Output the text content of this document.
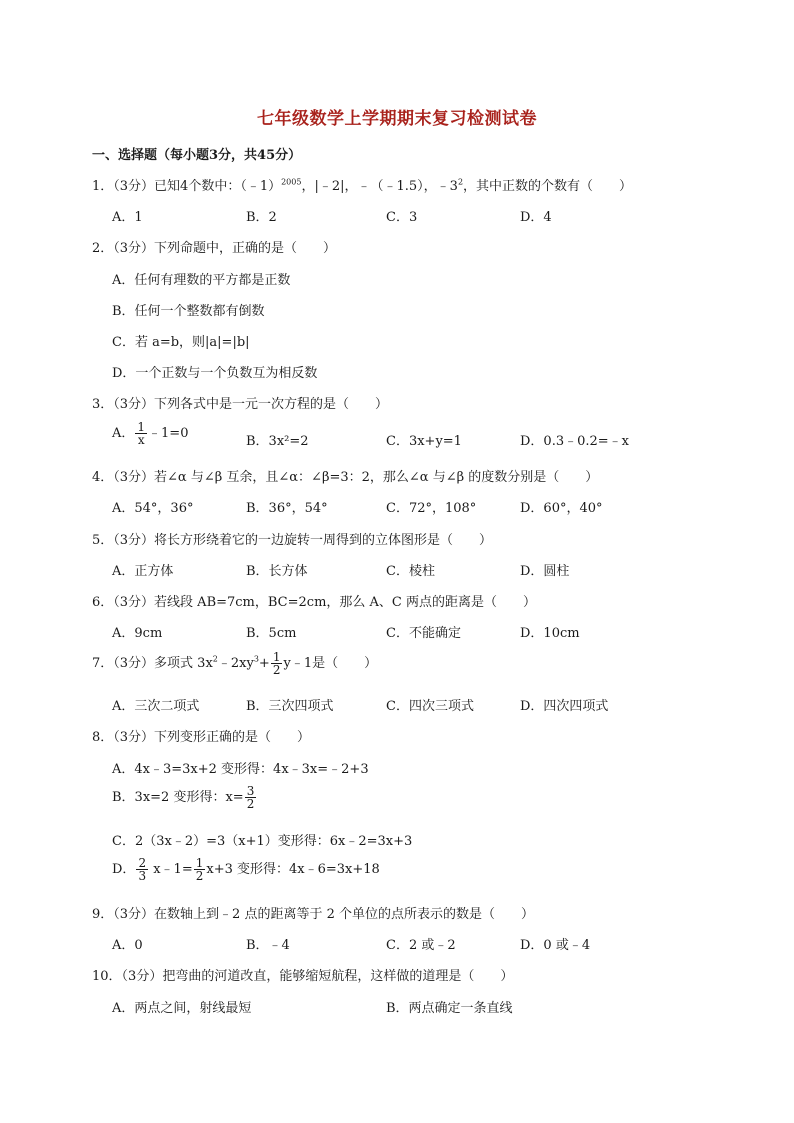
七年级数学上学期期末复习检测试卷
一、选择题（每小题3分，共45分）
1．（3分）已知4个数中：（﹣1）$^{2005}$，|﹣2|，﹣（﹣1.5），$﹣3^2$，其中正数的个数有（　　）
A．1	B．2	C．3	D．4
2．（3分）下列命题中，正确的是（　　）
A．任何有理数的平方都是正数
B．任何一个整数都有倒数
C．若 a=b，则|a|=|b|
D．一个正数与一个负数互为相反数
3．（3分）下列各式中是一元一次方程的是（　　）
A． $\frac{1}{x}$ ﹣1=0
B．3x²=2	C．3x+y=1	D．0.3﹣0.2=﹣x
4．（3分）若∠α 与∠β 互余，且∠α：∠β=3：2，那么∠α 与∠β 的度数分别是（　　）
A．54°，36°	B．36°，54°	C．72°，108°	D．60°，40°
5．（3分）将长方形绕着它的一边旋转一周得到的立体图形是（　　）
A．正方体	B．长方体	C．棱柱	D．圆柱
6．（3分）若线段 AB=7cm，BC=2cm，那么 A、C 两点的距离是（　　）
A．9cm	B．5cm	C．不能确定	D．10cm
7．（3分）多项式 $3x^2﹣2xy^3+ \frac{1}{2}$ y﹣1是（　　）
A．三次二项式	B．三次四项式	C．四次三项式	D．四次四项式
8．（3分）下列变形正确的是（　　）
A．4x﹣3=3x+2 变形得：4x﹣3x=﹣2+3
B．3x=2 变形得：$x= \frac{3}{2}$
C．2（3x﹣2）=3（x+1）变形得：6x﹣2=3x+3
D． $\frac{2}{3}$ x﹣1= $\frac{1}{2} x+3$ 变形得：4x﹣6=3x+18
9．（3分）在数轴上到﹣2 点的距离等于 2 个单位的点所表示的数是（　　）
A．0	B．﹣4	C．2 或﹣2	D．0 或﹣4
10．（3分）把弯曲的河道改直，能够缩短航程，这样做的道理是（　　）
A．两点之间，射线最短	B．两点确定一条直线
